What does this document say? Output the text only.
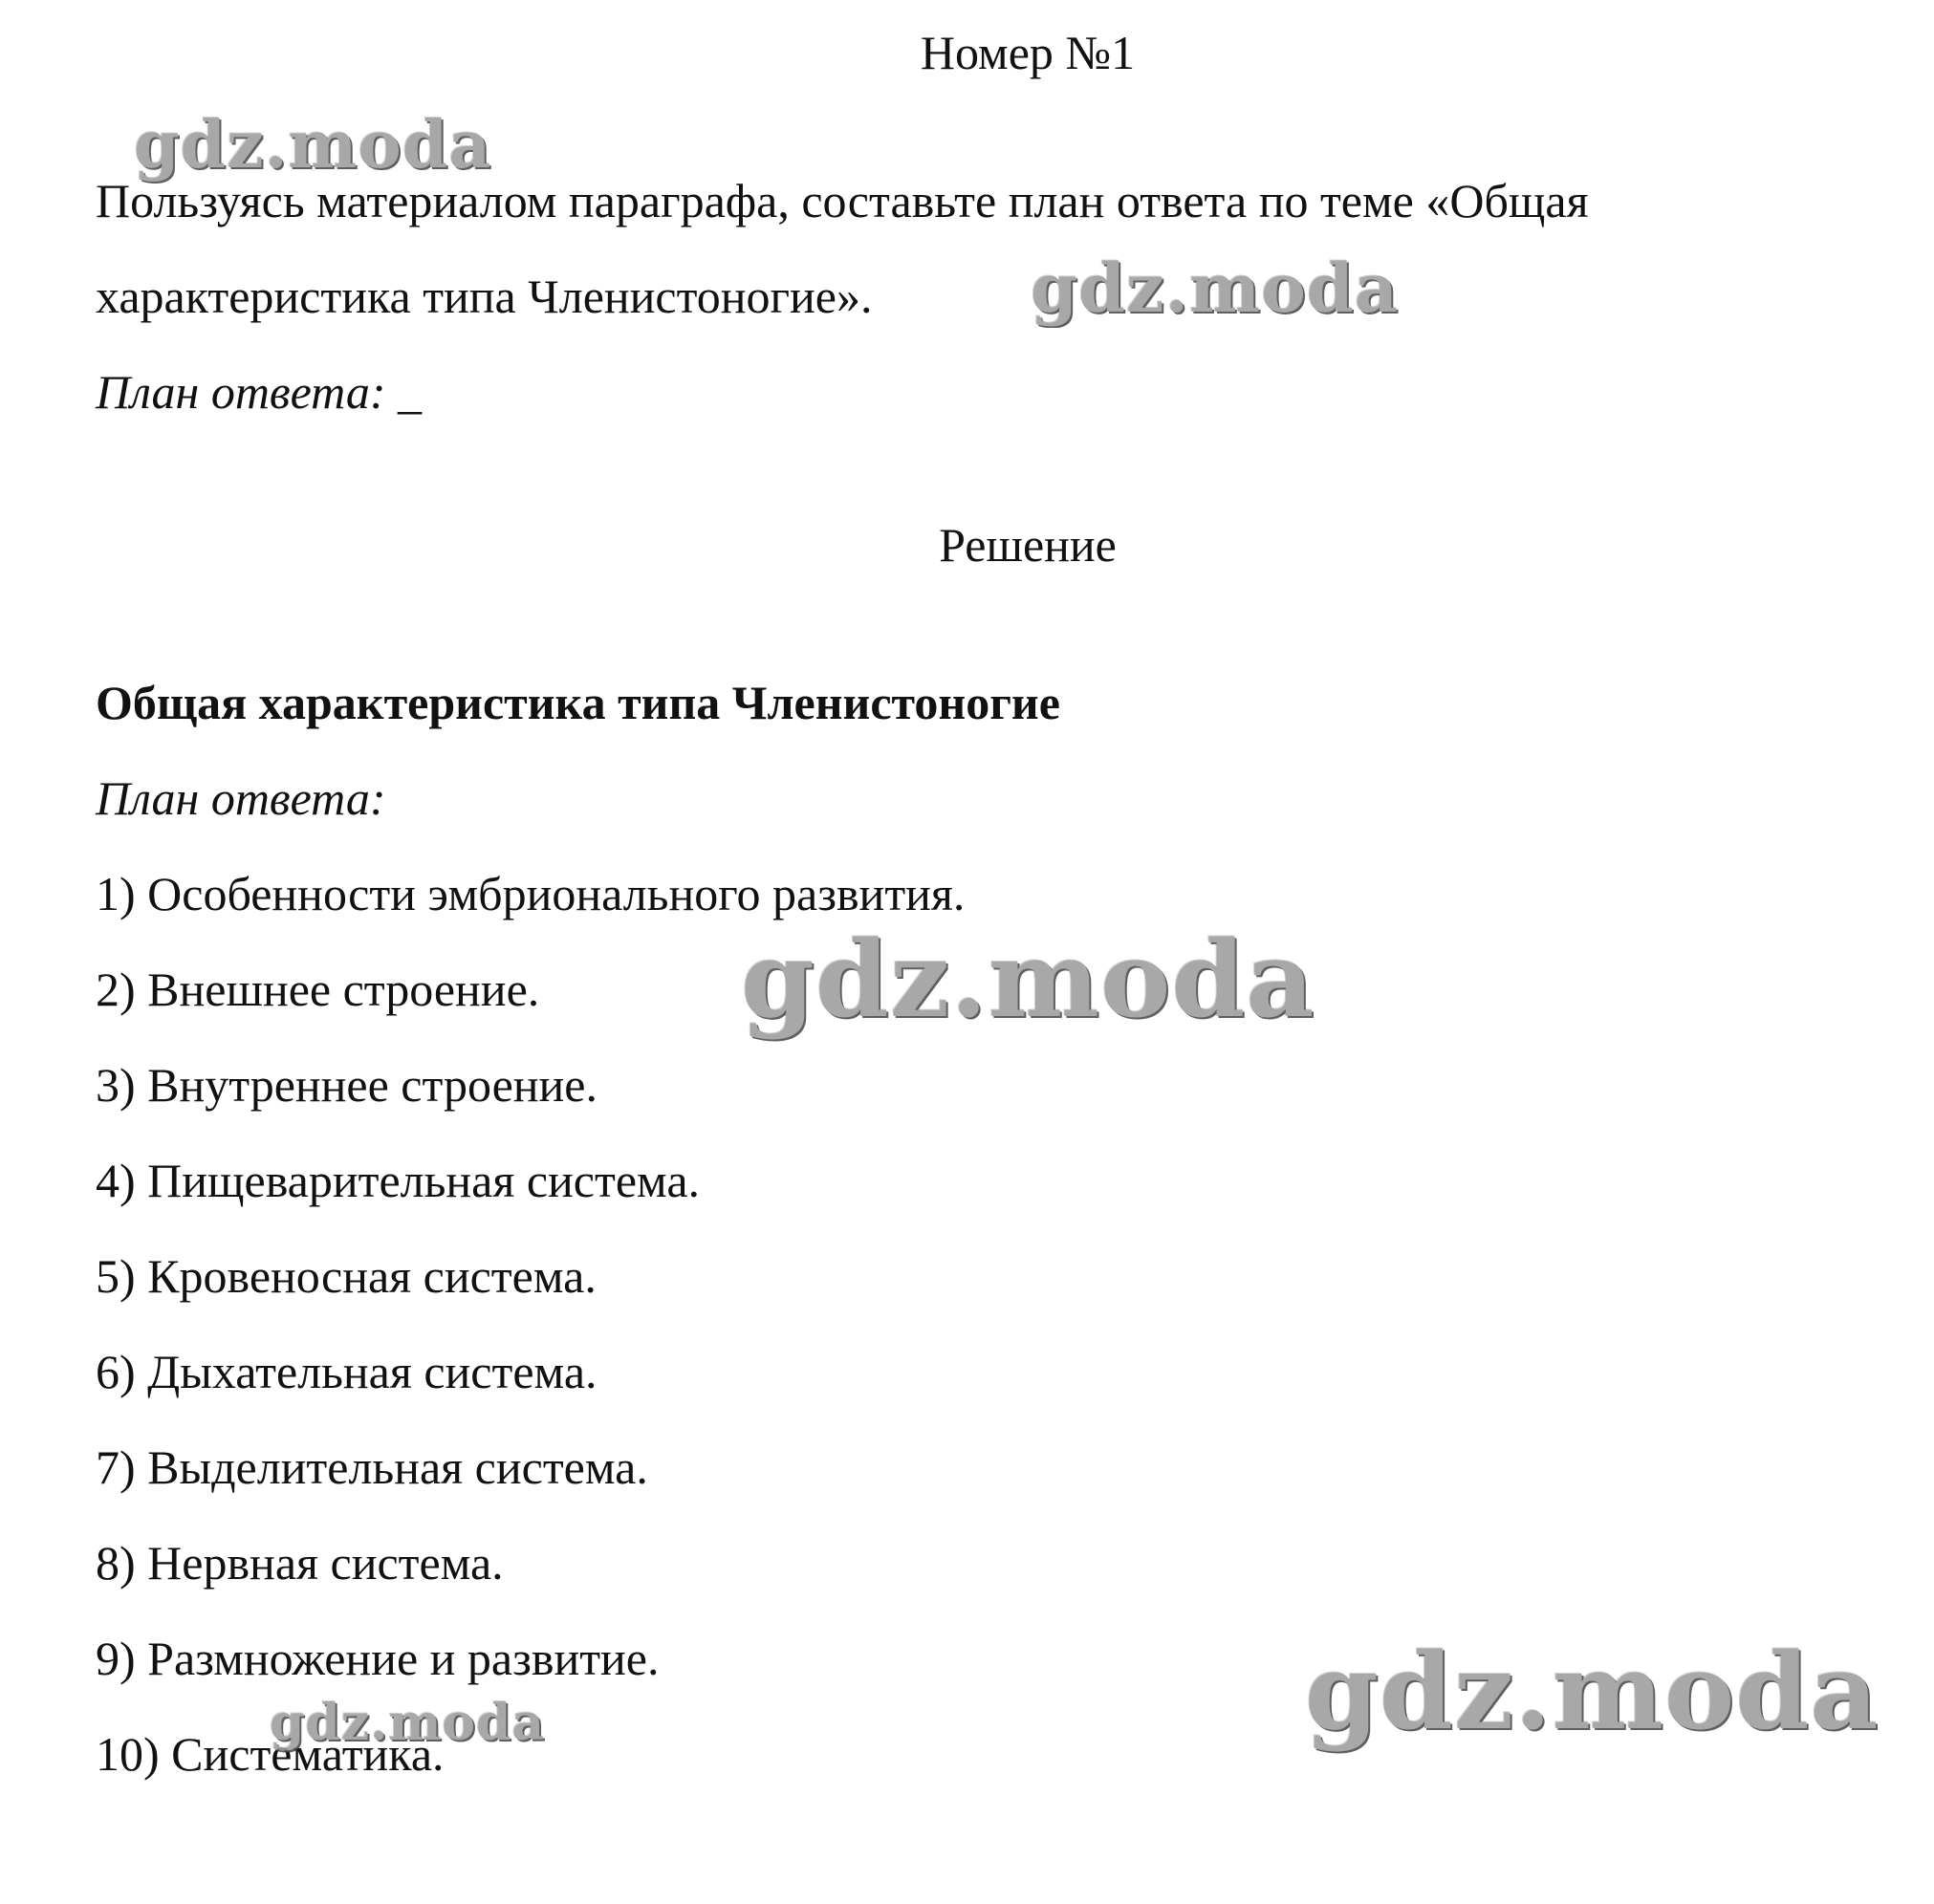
Номер №1
Пользуясь материалом параграфа, составьте план ответа по теме «Общая
характеристика типа Членистоногие».
План ответа: _
Решение
Общая характеристика типа Членистоногие
План ответа:
1) Особенности эмбрионального развития.
2) Внешнее строение.
3) Внутреннее строение.
4) Пищеварительная система.
5) Кровеносная система.
6) Дыхательная система.
7) Выделительная система.
8) Нервная система.
9) Размножение и развитие.
10) Систематика.
gdz.moda
gdz.moda
gdz.moda
gdz.moda
gdz.moda
